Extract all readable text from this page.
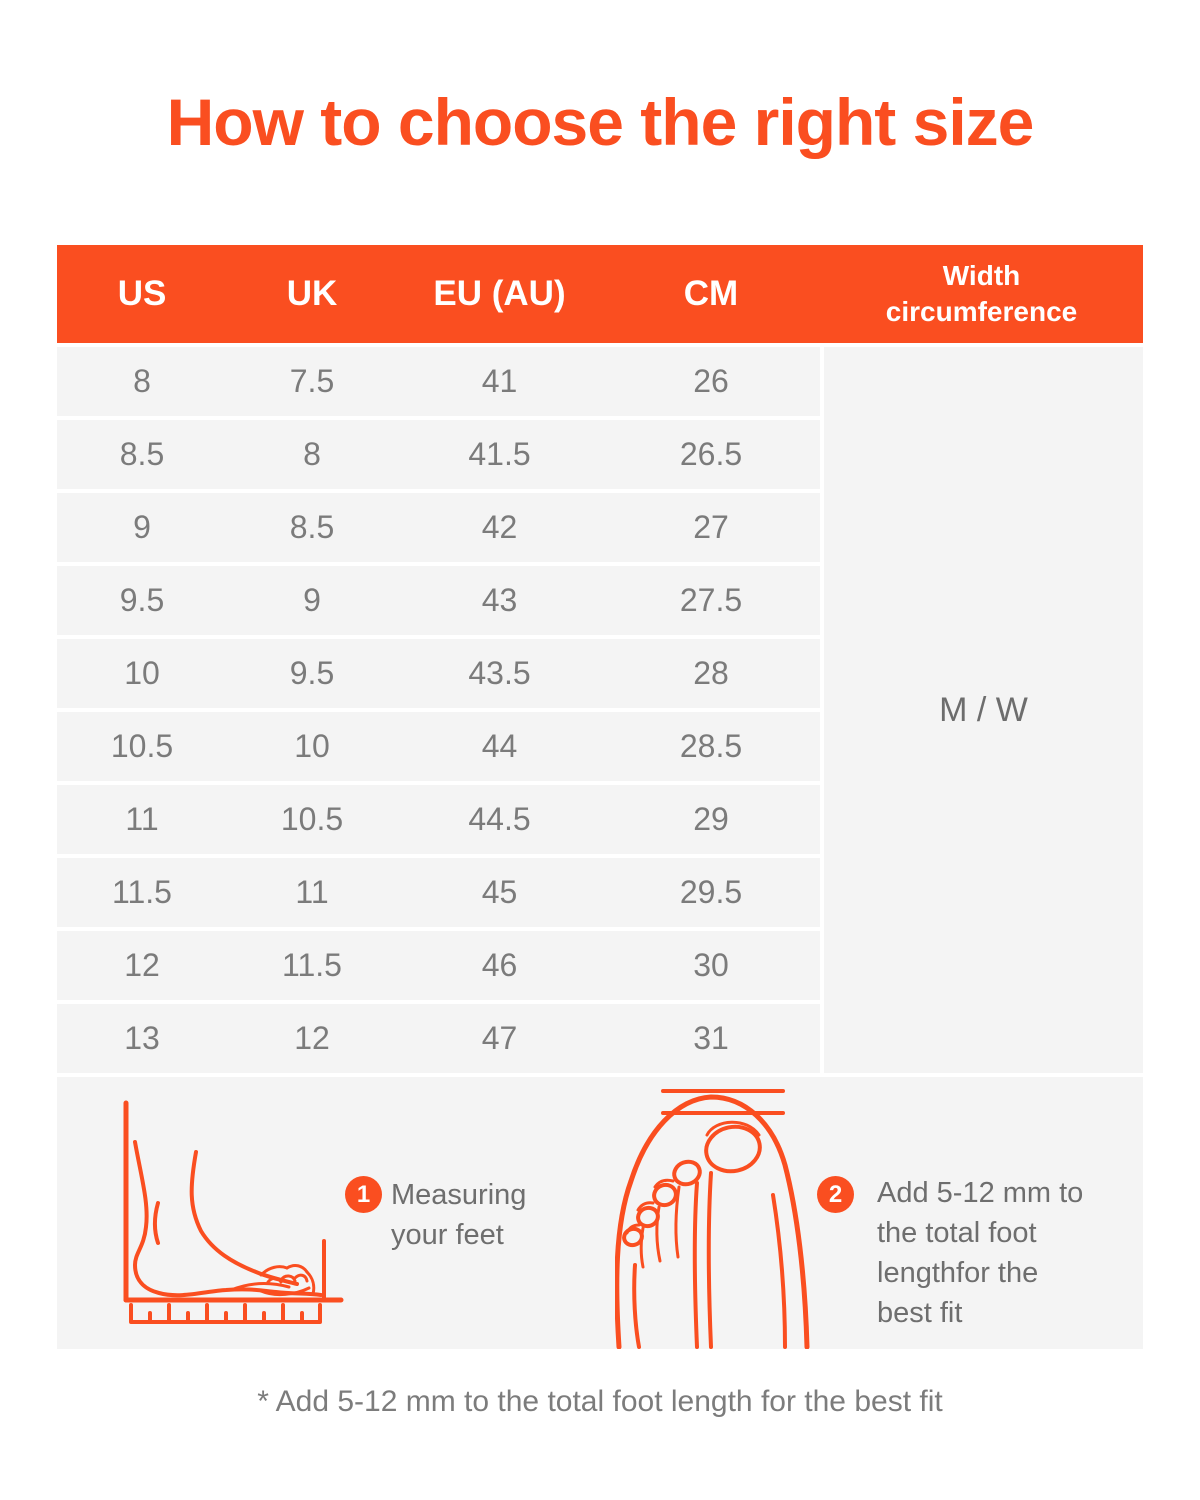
How to choose the right size
US	UK	EU (AU)	CM	Width circumference
8	7.5	41	26
8.5	8	41.5	26.5
9	8.5	42	27
9.5	9	43	27.5
10	9.5	43.5	28
10.5	10	44	28.5
11	10.5	44.5	29
11.5	11	45	29.5
12	11.5	46	30
13	12	47	31
M / W
1 Measuring your feet
2 Add 5-12 mm to the total foot lengthfor the best fit
* Add 5-12 mm to the total foot length for the best fit
